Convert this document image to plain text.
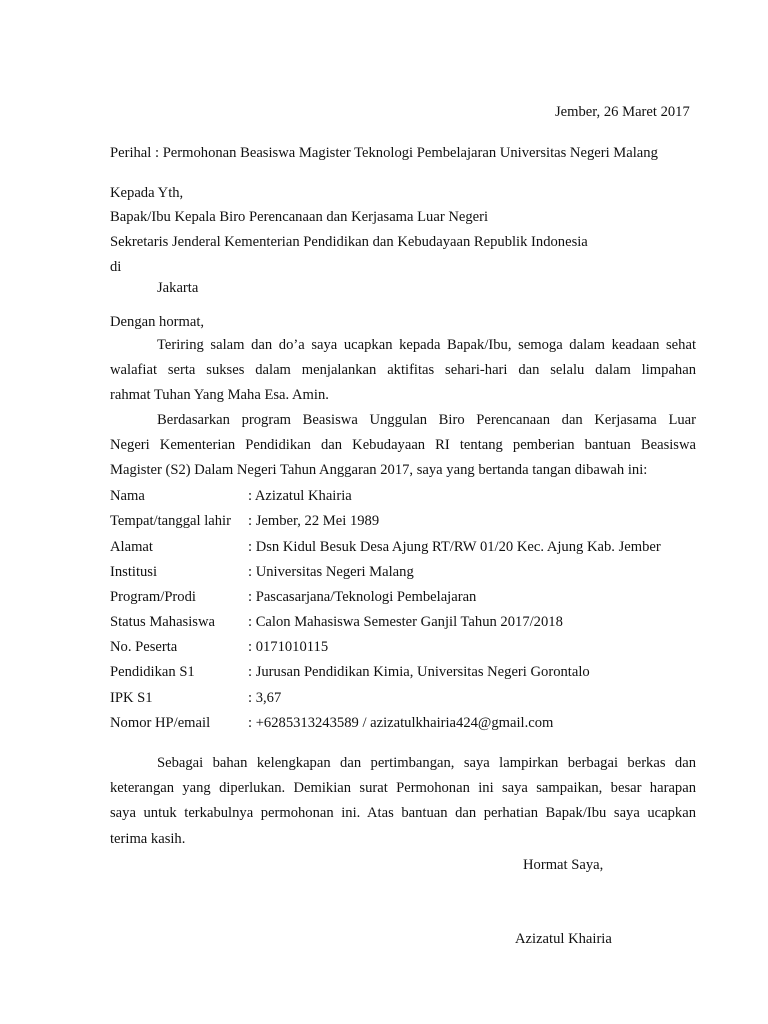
Jember, 26 Maret 2017
Perihal : Permohonan Beasiswa Magister Teknologi Pembelajaran Universitas Negeri Malang
Kepada Yth,
Bapak/Ibu Kepala Biro Perencanaan dan Kerjasama Luar Negeri
Sekretaris Jenderal Kementerian Pendidikan dan Kebudayaan Republik Indonesia
di
Jakarta
Dengan hormat,
Teriring salam dan do’a saya ucapkan kepada Bapak/Ibu, semoga dalam keadaan sehat
walafiat serta sukses dalam menjalankan aktifitas sehari-hari dan selalu dalam limpahan
rahmat Tuhan Yang Maha Esa. Amin.
Berdasarkan program Beasiswa Unggulan Biro Perencanaan dan Kerjasama Luar
Negeri Kementerian Pendidikan dan Kebudayaan RI tentang pemberian bantuan Beasiswa
Magister (S2) Dalam Negeri Tahun Anggaran 2017, saya yang bertanda tangan dibawah ini:
Nama	: Azizatul Khairia
Tempat/tanggal lahir : Jember, 22 Mei 1989
Alamat	: Dsn Kidul Besuk Desa Ajung RT/RW 01/20 Kec. Ajung Kab. Jember
Institusi	: Universitas Negeri Malang
Program/Prodi	: Pascasarjana/Teknologi Pembelajaran
Status Mahasiswa : Calon Mahasiswa Semester Ganjil Tahun 2017/2018
No. Peserta	: 0171010115
Pendidikan S1	: Jurusan Pendidikan Kimia, Universitas Negeri Gorontalo
IPK S1	: 3,67
Nomor HP/email	: +6285313243589 / azizatulkhairia424@gmail.com
Sebagai bahan kelengkapan dan pertimbangan, saya lampirkan berbagai berkas dan
keterangan yang diperlukan. Demikian surat Permohonan ini saya sampaikan, besar harapan
saya untuk terkabulnya permohonan ini. Atas bantuan dan perhatian Bapak/Ibu saya ucapkan
terima kasih.
Hormat Saya,
Azizatul Khairia
